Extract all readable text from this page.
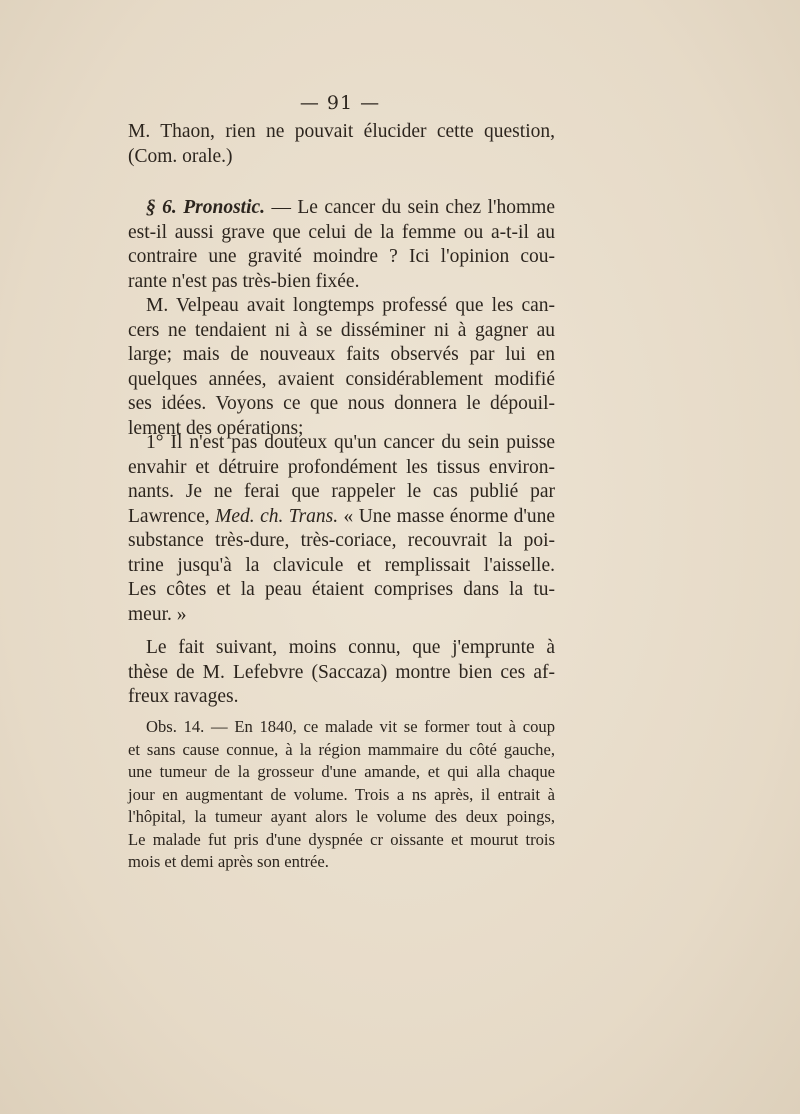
— 91 —
M. Thaon, rien ne pouvait élucider cette question,
(Com. orale.)
§ 6. Pronostic. — Le cancer du sein chez l'homme
est-il aussi grave que celui de la femme ou a-t-il au
contraire une gravité moindre ? Ici l'opinion cou-
rante n'est pas très-bien fixée.
M. Velpeau avait longtemps professé que les can-
cers ne tendaient ni à se disséminer ni à gagner au
large; mais de nouveaux faits observés par lui en
quelques années, avaient considérablement modifié
ses idées. Voyons ce que nous donnera le dépouil-
lement des opérations;
1° Il n'est pas douteux qu'un cancer du sein puisse
envahir et détruire profondément les tissus environ-
nants. Je ne ferai que rappeler le cas publié par
Lawrence, Med. ch. Trans. « Une masse énorme d'une
substance très-dure, très-coriace, recouvrait la poi-
trine jusqu'à la clavicule et remplissait l'aisselle.
Les côtes et la peau étaient comprises dans la tu-
meur. »
Le fait suivant, moins connu, que j'emprunte à
thèse de M. Lefebvre (Saccaza) montre bien ces af-
freux ravages.
Obs. 14. — En 1840, ce malade vit se former tout à coup
et sans cause connue, à la région mammaire du côté gauche,
une tumeur de la grosseur d'une amande, et qui alla chaque
jour en augmentant de volume. Trois a ns après, il entrait à
l'hôpital, la tumeur ayant alors le volume des deux poings,
Le malade fut pris d'une dyspnée cr oissante et mourut trois
mois et demi après son entrée.
